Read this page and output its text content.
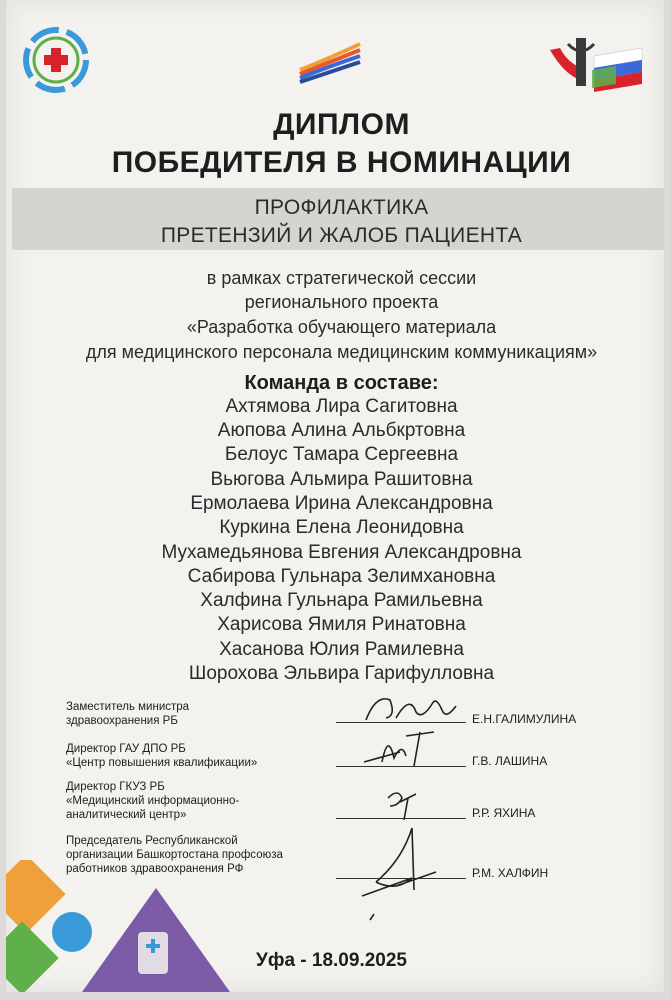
ДИПЛОМ
ПОБЕДИТЕЛЯ В НОМИНАЦИИ
ПРОФИЛАКТИКА
ПРЕТЕНЗИЙ И ЖАЛОБ ПАЦИЕНТА
в рамках стратегической сессии
регионального проекта
«Разработка обучающего материала
для медицинского персонала медицинским коммуникациям»
Команда в составе:
Ахтямова Лира Сагитовна
Аюпова Алина Альбкртовна
Белоус Тамара Сергеевна
Вьюгова Альмира Рашитовна
Ермолаева Ирина Александровна
Куркина Елена Леонидовна
Мухамедьянова Евгения Александровна
Сабирова Гульнара Зелимхановна
Халфина Гульнара Рамильевна
Харисова Ямиля Ринатовна
Хасанова Юлия Рамилевна
Шорохова Эльвира Гарифулловна
Заместитель министра
здравоохранения РБ	Е.Н.ГАЛИМУЛИНА
Директор ГАУ ДПО РБ
«Центр повышения квалификации»	Г.В. ЛАШИНА
Директор ГКУЗ РБ
«Медицинский информационно-
аналитический центр»	Р.Р. ЯХИНА
Председатель Республиканской
организации Башкортостана профсоюза
работников здравоохранения РФ	Р.М. ХАЛФИН
Уфа - 18.09.2025
